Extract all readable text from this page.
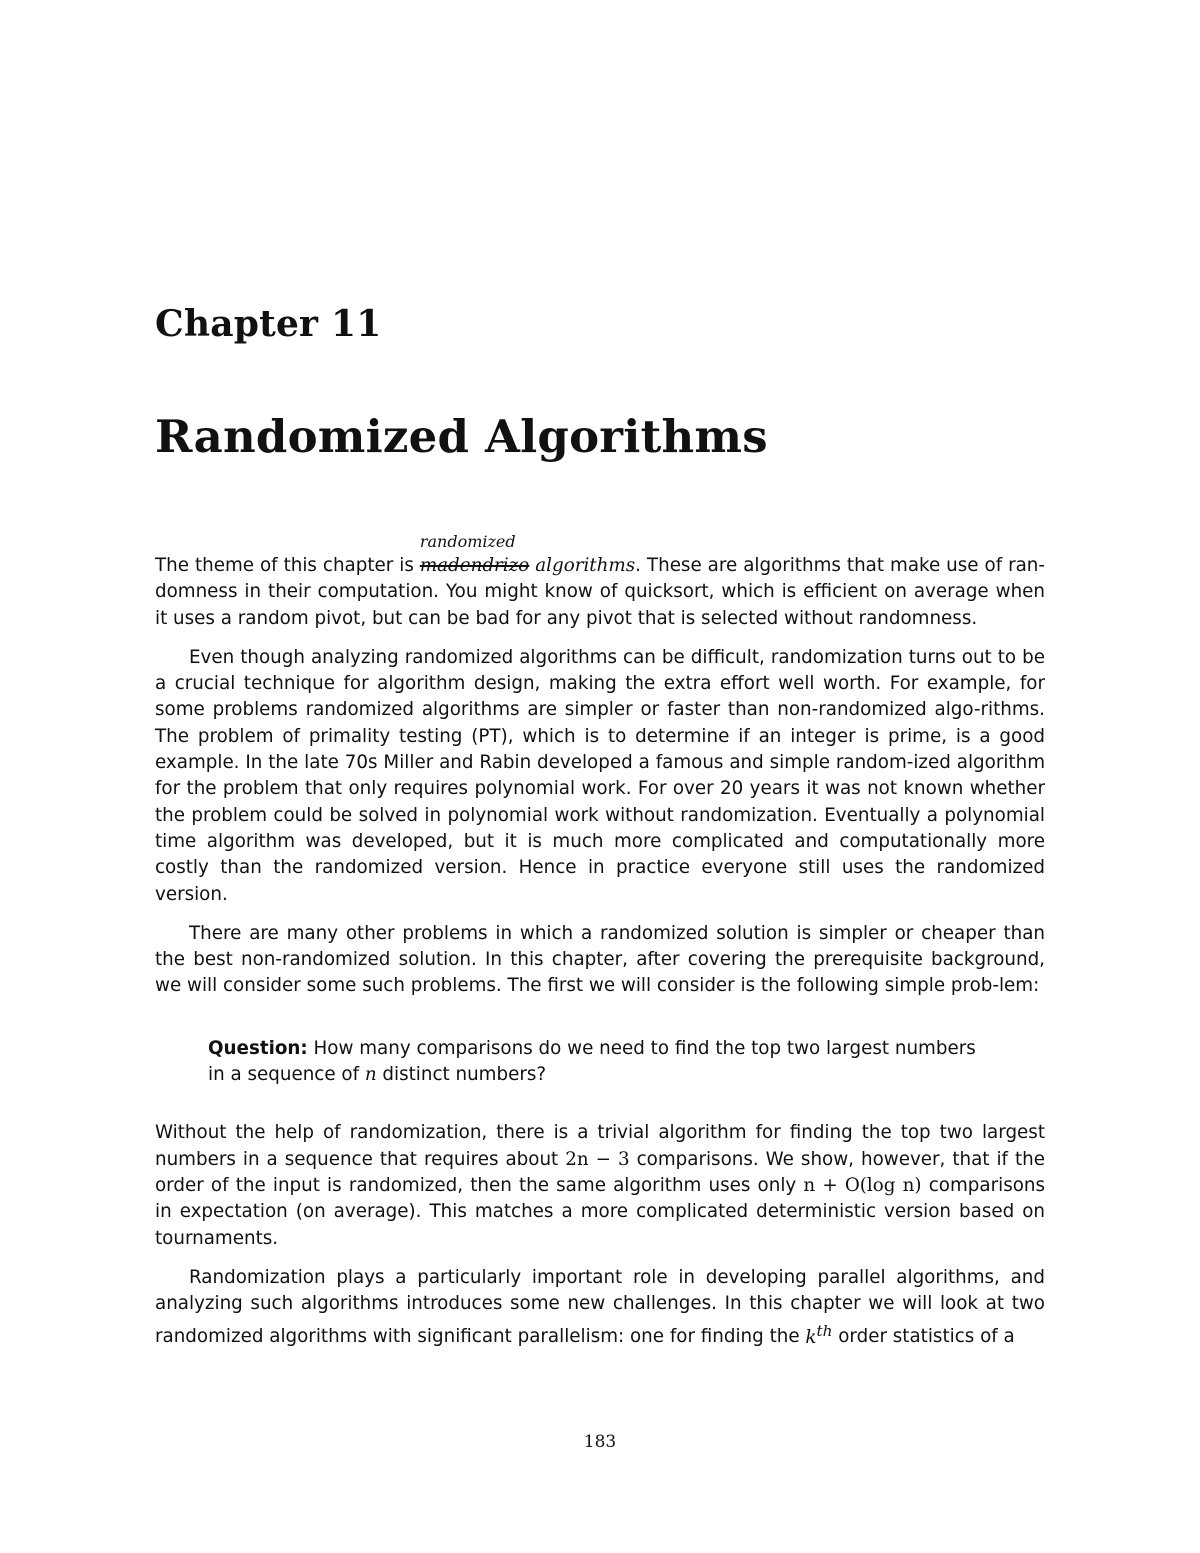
Chapter 11
Randomized Algorithms

The theme of this chapter is
randomized
madendrizo algorithms. These are algorithms that make use of ran-domness in their computation. You might know of quicksort, which is efficient on average when it uses a random pivot, but can be bad for any pivot that is selected without randomness.

Even though analyzing randomized algorithms can be difficult, randomization turns out to be a crucial technique for algorithm design, making the extra effort well worth. For example, for some problems randomized algorithms are simpler or faster than non-randomized algo-rithms. The problem of primality testing (PT), which is to determine if an integer is prime, is a good example. In the late 70s Miller and Rabin developed a famous and simple random-ized algorithm for the problem that only requires polynomial work. For over 20 years it was not known whether the problem could be solved in polynomial work without randomization. Eventually a polynomial time algorithm was developed, but it is much more complicated and computationally more costly than the randomized version. Hence in practice everyone still uses the randomized version.

There are many other problems in which a randomized solution is simpler or cheaper than the best non-randomized solution. In this chapter, after covering the prerequisite background, we will consider some such problems. The first we will consider is the following simple prob-lem:

Question: How many comparisons do we need to find the top two largest numbers
in a sequence of n distinct numbers?

Without the help of randomization, there is a trivial algorithm for finding the top two largest numbers in a sequence that requires about 2n − 3 comparisons. We show, however, that if the order of the input is randomized, then the same algorithm uses only n + O(log n) comparisons in expectation (on average). This matches a more complicated deterministic version based on tournaments.

Randomization plays a particularly important role in developing parallel algorithms, and analyzing such algorithms introduces some new challenges. In this chapter we will look at two randomized algorithms with significant parallelism: one for finding the $k^{th}$ order statistics of a

183
